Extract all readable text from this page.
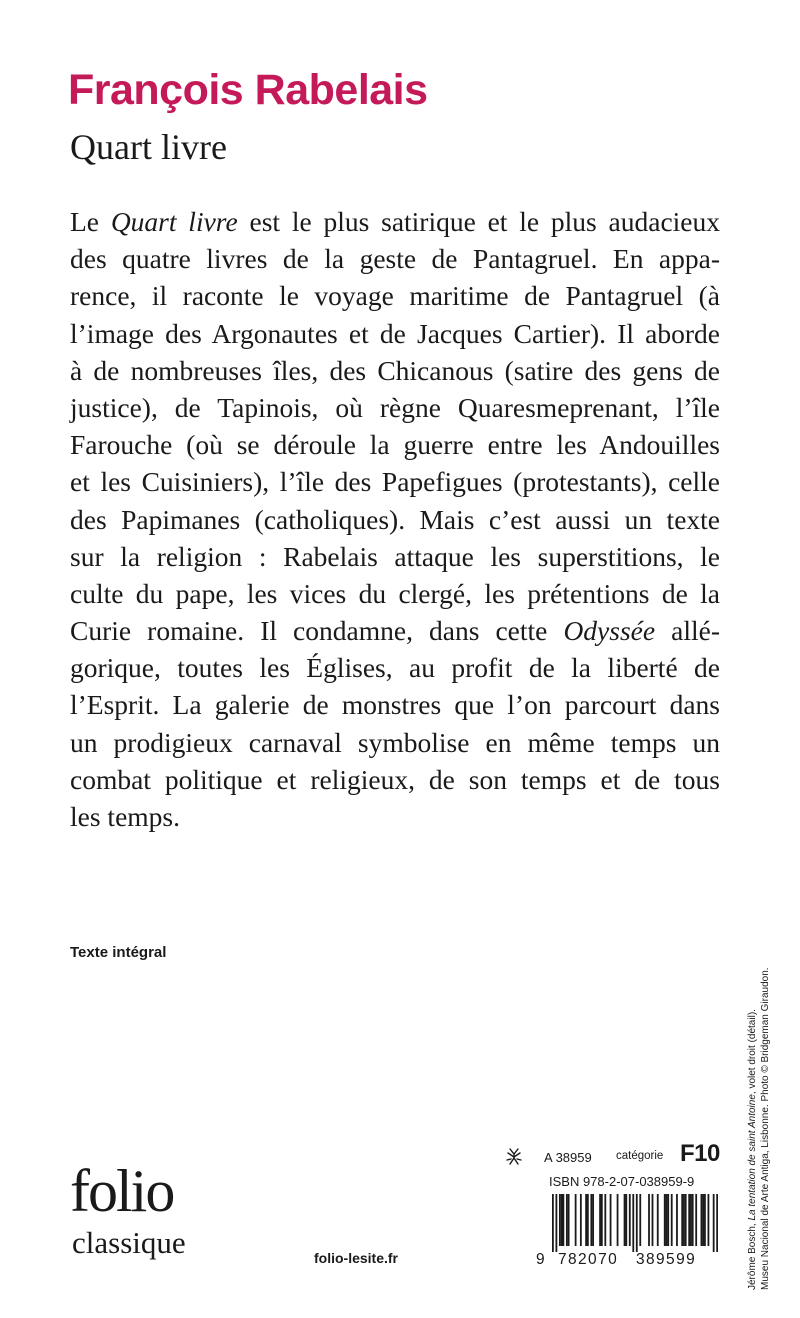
François Rabelais
Quart livre
Le Quart livre est le plus satirique et le plus audacieux
des quatre livres de la geste de Pantagruel. En appa-
rence, il raconte le voyage maritime de Pantagruel (à
l’image des Argonautes et de Jacques Cartier). Il aborde
à de nombreuses îles, des Chicanous (satire des gens de
justice), de Tapinois, où règne Quaresmeprenant, l’île
Farouche (où se déroule la guerre entre les Andouilles
et les Cuisiniers), l’île des Papefigues (protestants), celle
des Papimanes (catholiques). Mais c’est aussi un texte
sur la religion : Rabelais attaque les superstitions, le
culte du pape, les vices du clergé, les prétentions de la
Curie romaine. Il condamne, dans cette Odyssée allé-
gorique, toutes les Églises, au profit de la liberté de
l’Esprit. La galerie de monstres que l’on parcourt dans
un prodigieux carnaval symbolise en même temps un
combat politique et religieux, de son temps et de tous
les temps.
Texte intégral
folio
classique	folio-lesite.fr
A 38959 catégorie F10
ISBN 978-2-07-038959-9
9 782070 389599	Jérôme Bosch, La tentation de saint Antoine, volet droit (détail). Museu Nacional de Arte Antiga, Lisbonne. Photo © Bridgeman Giraudon.
